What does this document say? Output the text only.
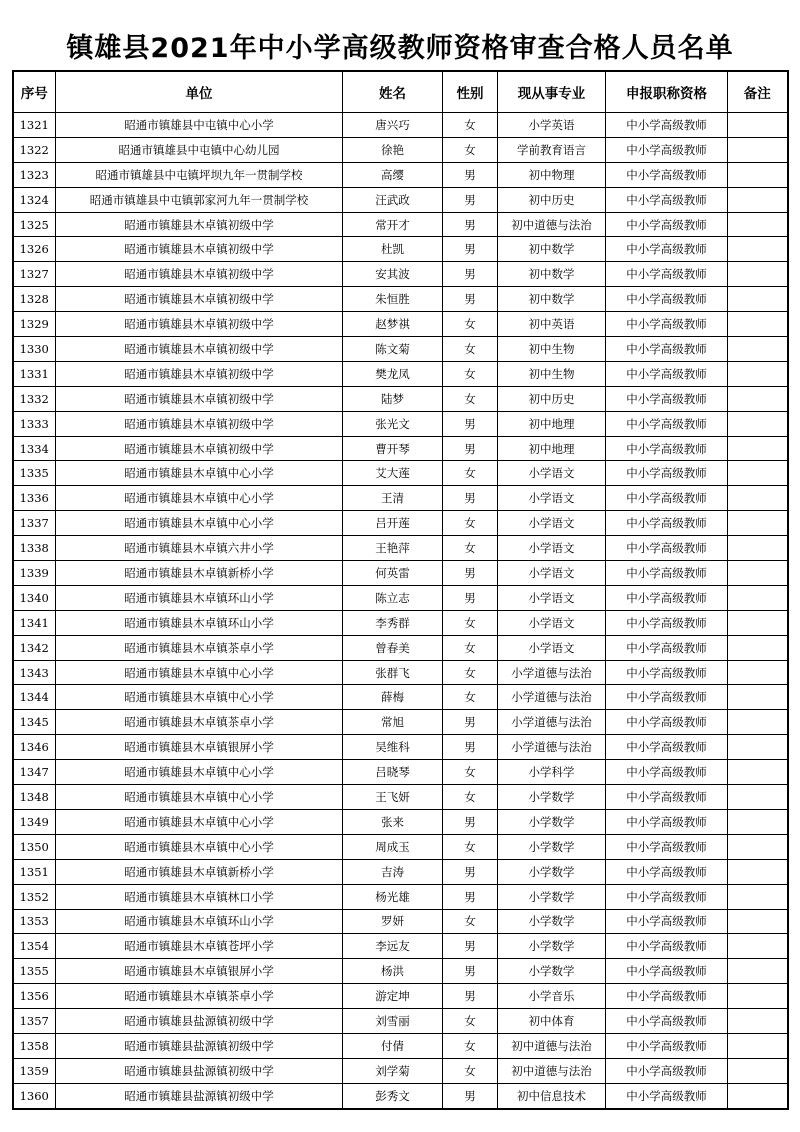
镇雄县2021年中小学高级教师资格审查合格人员名单
序号	单位	姓名	性别	现从事专业	申报职称资格	备注
1321	昭通市镇雄县中屯镇中心小学	唐兴巧	女	小学英语	中小学高级教师	
1322	昭通市镇雄县中屯镇中心幼儿园	徐艳	女	学前教育语言	中小学高级教师	
1323	昭通市镇雄县中屯镇坪坝九年一贯制学校	高缨	男	初中物理	中小学高级教师	
1324	昭通市镇雄县中屯镇郭家河九年一贯制学校	汪武政	男	初中历史	中小学高级教师	
1325	昭通市镇雄县木卓镇初级中学	常开才	男	初中道德与法治	中小学高级教师	
1326	昭通市镇雄县木卓镇初级中学	杜凯	男	初中数学	中小学高级教师	
1327	昭通市镇雄县木卓镇初级中学	安其波	男	初中数学	中小学高级教师	
1328	昭通市镇雄县木卓镇初级中学	朱恒胜	男	初中数学	中小学高级教师	
1329	昭通市镇雄县木卓镇初级中学	赵梦祺	女	初中英语	中小学高级教师	
1330	昭通市镇雄县木卓镇初级中学	陈文菊	女	初中生物	中小学高级教师	
1331	昭通市镇雄县木卓镇初级中学	樊龙凤	女	初中生物	中小学高级教师	
1332	昭通市镇雄县木卓镇初级中学	陆梦	女	初中历史	中小学高级教师	
1333	昭通市镇雄县木卓镇初级中学	张光文	男	初中地理	中小学高级教师	
1334	昭通市镇雄县木卓镇初级中学	曹开琴	男	初中地理	中小学高级教师	
1335	昭通市镇雄县木卓镇中心小学	艾大莲	女	小学语文	中小学高级教师	
1336	昭通市镇雄县木卓镇中心小学	王清	男	小学语文	中小学高级教师	
1337	昭通市镇雄县木卓镇中心小学	吕开莲	女	小学语文	中小学高级教师	
1338	昭通市镇雄县木卓镇六井小学	王艳萍	女	小学语文	中小学高级教师	
1339	昭通市镇雄县木卓镇新桥小学	何英雷	男	小学语文	中小学高级教师	
1340	昭通市镇雄县木卓镇环山小学	陈立志	男	小学语文	中小学高级教师	
1341	昭通市镇雄县木卓镇环山小学	李秀群	女	小学语文	中小学高级教师	
1342	昭通市镇雄县木卓镇茶卓小学	曾春美	女	小学语文	中小学高级教师	
1343	昭通市镇雄县木卓镇中心小学	张群飞	女	小学道德与法治	中小学高级教师	
1344	昭通市镇雄县木卓镇中心小学	薛梅	女	小学道德与法治	中小学高级教师	
1345	昭通市镇雄县木卓镇茶卓小学	常旭	男	小学道德与法治	中小学高级教师	
1346	昭通市镇雄县木卓镇银屏小学	吴维科	男	小学道德与法治	中小学高级教师	
1347	昭通市镇雄县木卓镇中心小学	吕晓琴	女	小学科学	中小学高级教师	
1348	昭通市镇雄县木卓镇中心小学	王飞妍	女	小学数学	中小学高级教师	
1349	昭通市镇雄县木卓镇中心小学	张来	男	小学数学	中小学高级教师	
1350	昭通市镇雄县木卓镇中心小学	周成玉	女	小学数学	中小学高级教师	
1351	昭通市镇雄县木卓镇新桥小学	吉涛	男	小学数学	中小学高级教师	
1352	昭通市镇雄县木卓镇林口小学	杨光雄	男	小学数学	中小学高级教师	
1353	昭通市镇雄县木卓镇环山小学	罗妍	女	小学数学	中小学高级教师	
1354	昭通市镇雄县木卓镇苍坪小学	李远友	男	小学数学	中小学高级教师	
1355	昭通市镇雄县木卓镇银屏小学	杨洪	男	小学数学	中小学高级教师	
1356	昭通市镇雄县木卓镇茶卓小学	游定坤	男	小学音乐	中小学高级教师	
1357	昭通市镇雄县盐源镇初级中学	刘雪丽	女	初中体育	中小学高级教师	
1358	昭通市镇雄县盐源镇初级中学	付倩	女	初中道德与法治	中小学高级教师	
1359	昭通市镇雄县盐源镇初级中学	刘学菊	女	初中道德与法治	中小学高级教师	
1360	昭通市镇雄县盐源镇初级中学	彭秀文	男	初中信息技术	中小学高级教师	
